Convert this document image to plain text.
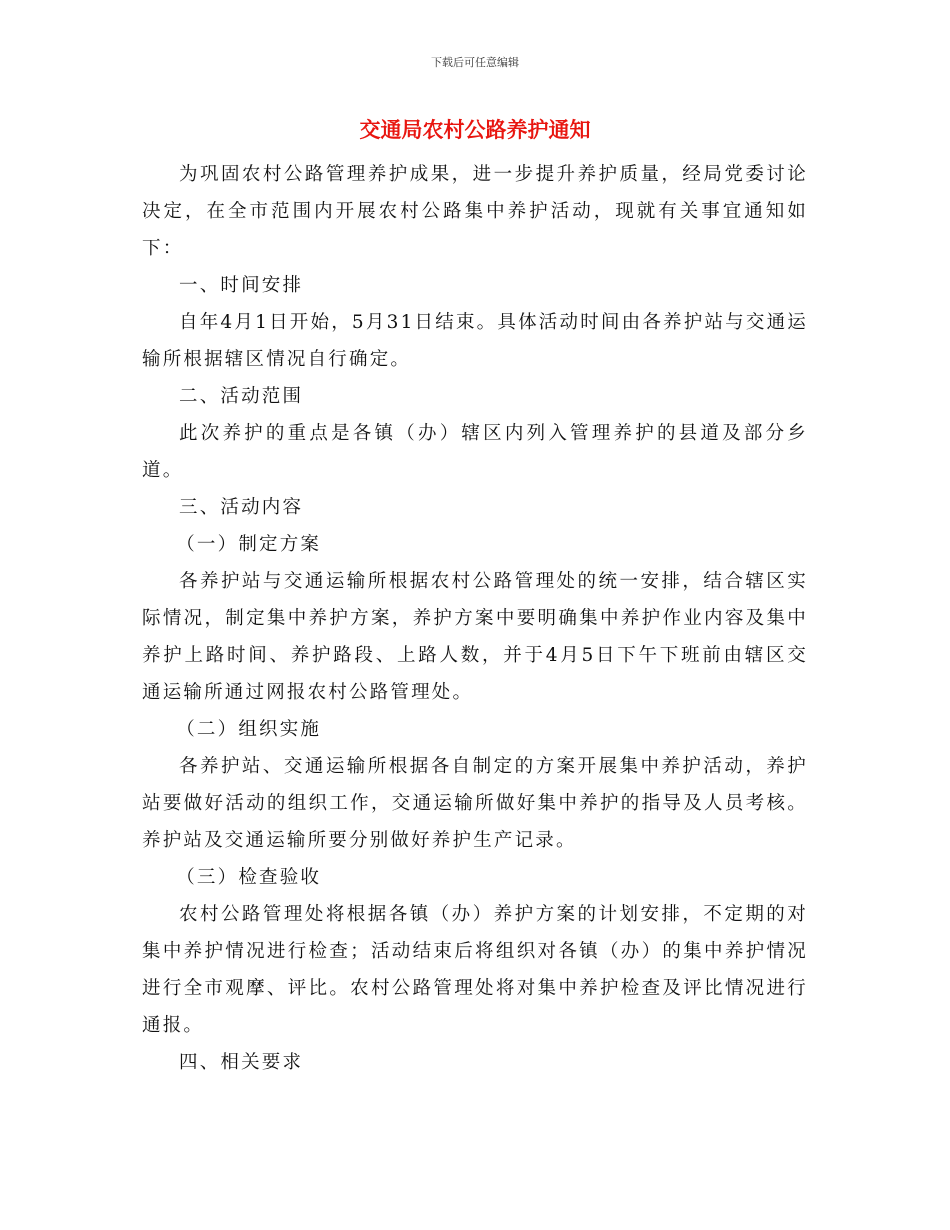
下载后可任意编辑
交通局农村公路养护通知

为巩固农村公路管理养护成果，进一步提升养护质量，经局党委讨论决定，在全市范围内开展农村公路集中养护活动，现就有关事宜通知如下：

一、时间安排

自年4月1日开始，5月31日结束。具体活动时间由各养护站与交通运输所根据辖区情况自行确定。

二、活动范围

此次养护的重点是各镇（办）辖区内列入管理养护的县道及部分乡道。

三、活动内容

（一）制定方案

各养护站与交通运输所根据农村公路管理处的统一安排，结合辖区实际情况，制定集中养护方案，养护方案中要明确集中养护作业内容及集中养护上路时间、养护路段、上路人数，并于4月5日下午下班前由辖区交通运输所通过网报农村公路管理处。

（二）组织实施

各养护站、交通运输所根据各自制定的方案开展集中养护活动，养护站要做好活动的组织工作，交通运输所做好集中养护的指导及人员考核。养护站及交通运输所要分别做好养护生产记录。

（三）检查验收

农村公路管理处将根据各镇（办）养护方案的计划安排，不定期的对集中养护情况进行检查；活动结束后将组织对各镇（办）的集中养护情况进行全市观摩、评比。农村公路管理处将对集中养护检查及评比情况进行通报。

四、相关要求
